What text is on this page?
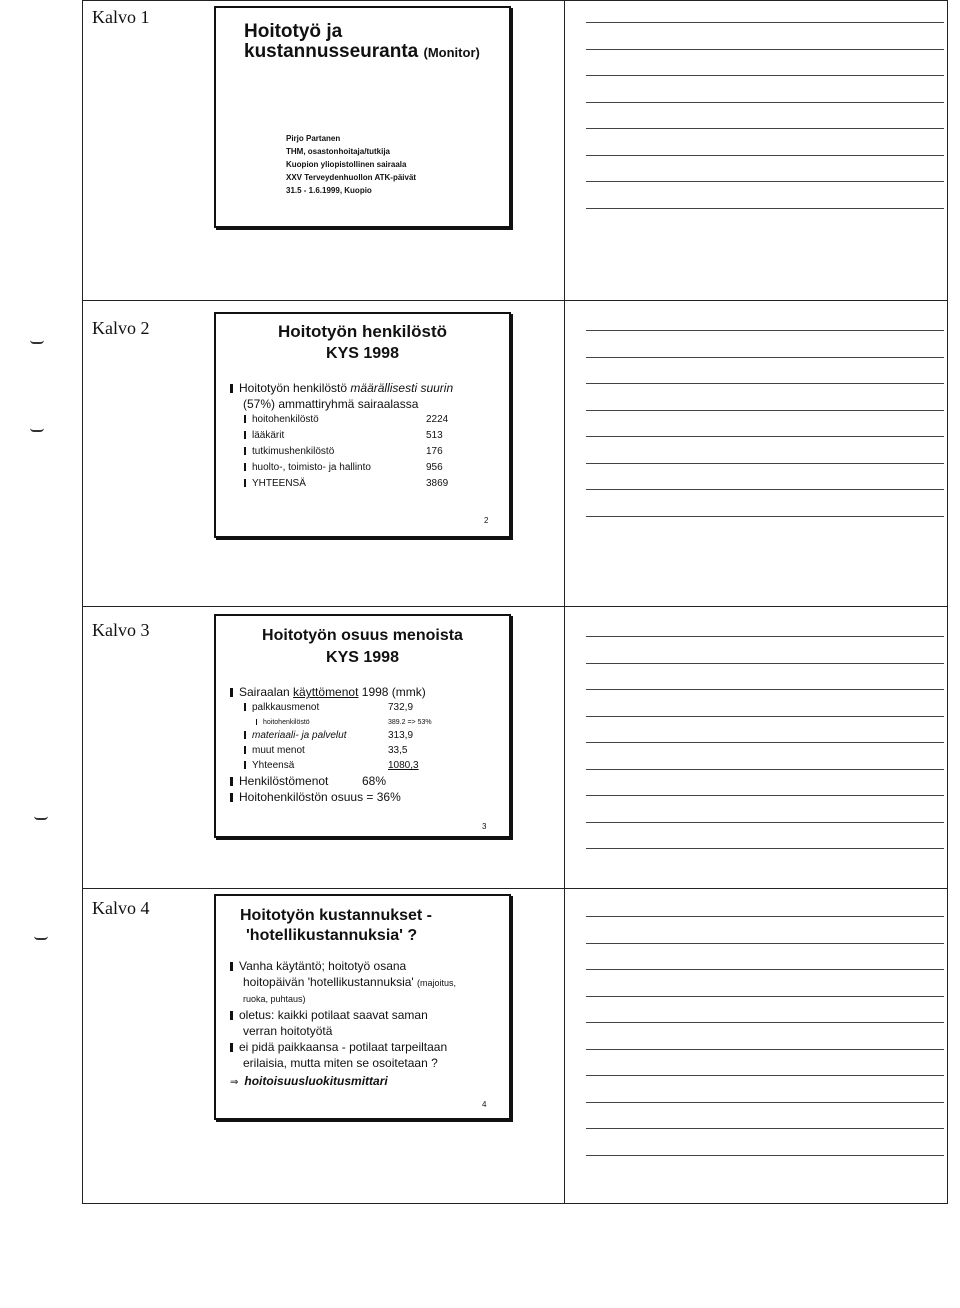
Kalvo 1
Kalvo 2
Kalvo 3
Kalvo 4
Hoitotyö ja
kustannusseuranta (Monitor)
Pirjo Partanen
THM, osastonhoitaja/tutkija
Kuopion yliopistollinen sairaala
XXV Terveydenhuollon ATK-päivät
31.5 - 1.6.1999, Kuopio
Hoitotyön henkilöstö
KYS 1998
Hoitotyön henkilöstö määrällisesti suurin
(57%) ammattiryhmä sairaalassa
hoitohenkilöstö	2224
lääkärit	513
tutkimushenkilöstö	176
huolto-, toimisto- ja hallinto	956
YHTEENSÄ	3869
2
Hoitotyön osuus menoista
KYS 1998
Sairaalan käyttömenot 1998 (mmk)
palkkausmenot	732,9
hoitohenkilöstö	389.2 => 53%
materiaali- ja palvelut	313,9
muut menot	33,5
Yhteensä	1080,3
Henkilöstömenot	68%
Hoitohenkilöstön osuus = 36%
3
Hoitotyön kustannukset -
'hotellikustannuksia' ?
Vanha käytäntö; hoitotyö osana
hoitopäivän 'hotellikustannuksia' (majoitus,
ruoka, puhtaus)
oletus: kaikki potilaat saavat saman
verran hoitotyötä
ei pidä paikkaansa - potilaat tarpeiltaan
erilaisia, mutta miten se osoitetaan ?
⇒ hoitoisuusluokitusmittari
4
